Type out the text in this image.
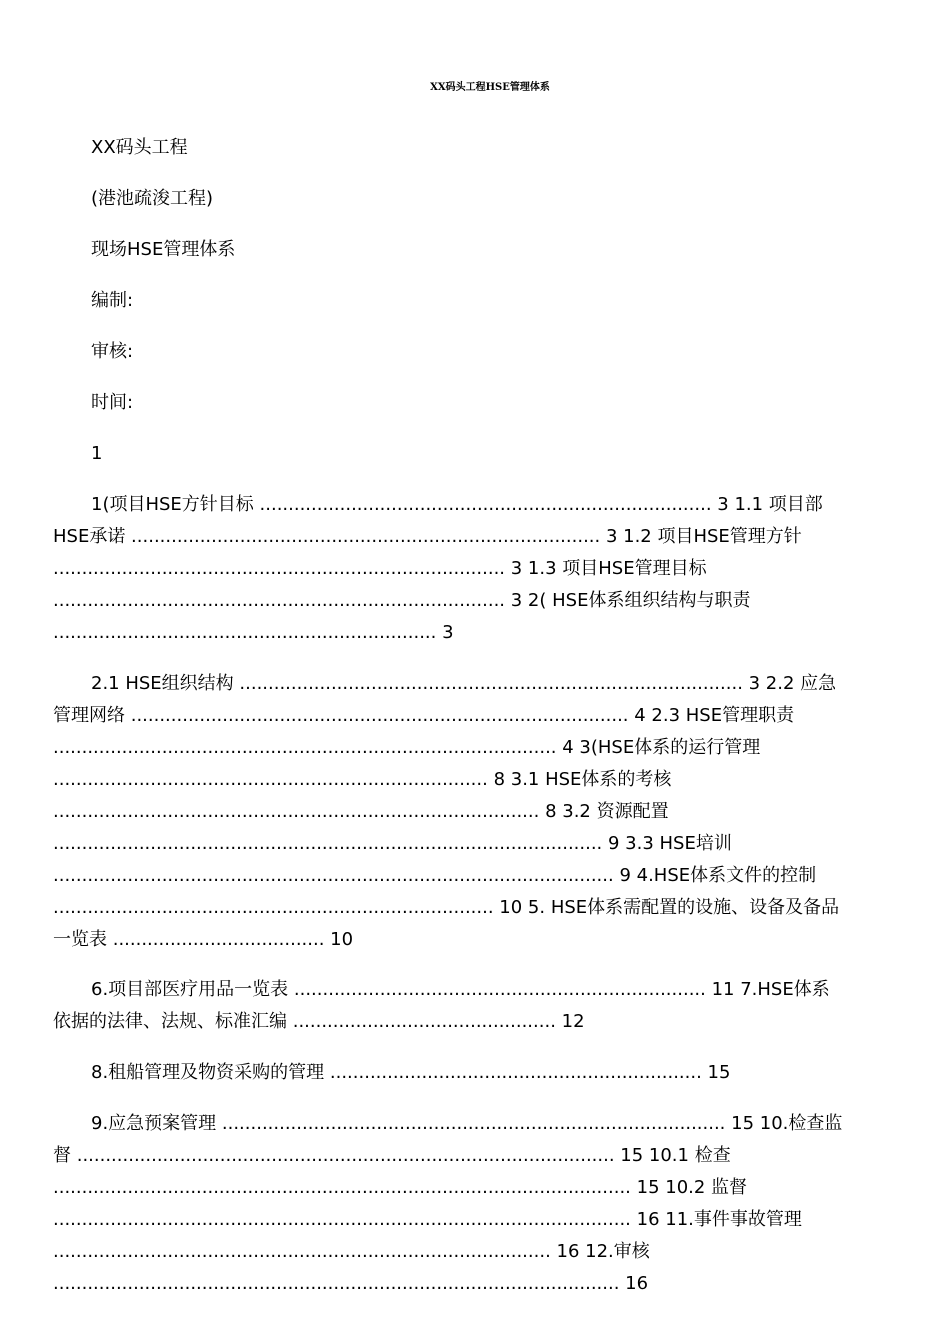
XX码头工程HSE管理体系
XX码头工程
(港池疏浚工程)
现场HSE管理体系
编制:
审核:
时间:
1
1(项目HSE方针目标 ............................................................................... 3 1.1 项目部
HSE承诺 .................................................................................. 3 1.2 项目HSE管理方针
............................................................................... 3 1.3 项目HSE管理目标
............................................................................... 3 2( HSE体系组织结构与职责
................................................................... 3
2.1 HSE组织结构 ........................................................................................ 3 2.2 应急
管理网络 ....................................................................................... 4 2.3 HSE管理职责
........................................................................................ 4 3(HSE体系的运行管理
............................................................................ 8 3.1 HSE体系的考核
..................................................................................... 8 3.2 资源配置
................................................................................................ 9 3.3 HSE培训
.................................................................................................. 9 4.HSE体系文件的控制
............................................................................. 10 5. HSE体系需配置的设施、设备及备品
一览表 ..................................... 10
6.项目部医疗用品一览表 ........................................................................ 11 7.HSE体系
依据的法律、法规、标准汇编 .............................................. 12
8.租船管理及物资采购的管理 ................................................................. 15
9.应急预案管理 ........................................................................................ 15 10.检查监
督 .............................................................................................. 15 10.1 检查
..................................................................................................... 15 10.2 监督
..................................................................................................... 16 11.事件事故管理
....................................................................................... 16 12.审核
................................................................................................... 16
